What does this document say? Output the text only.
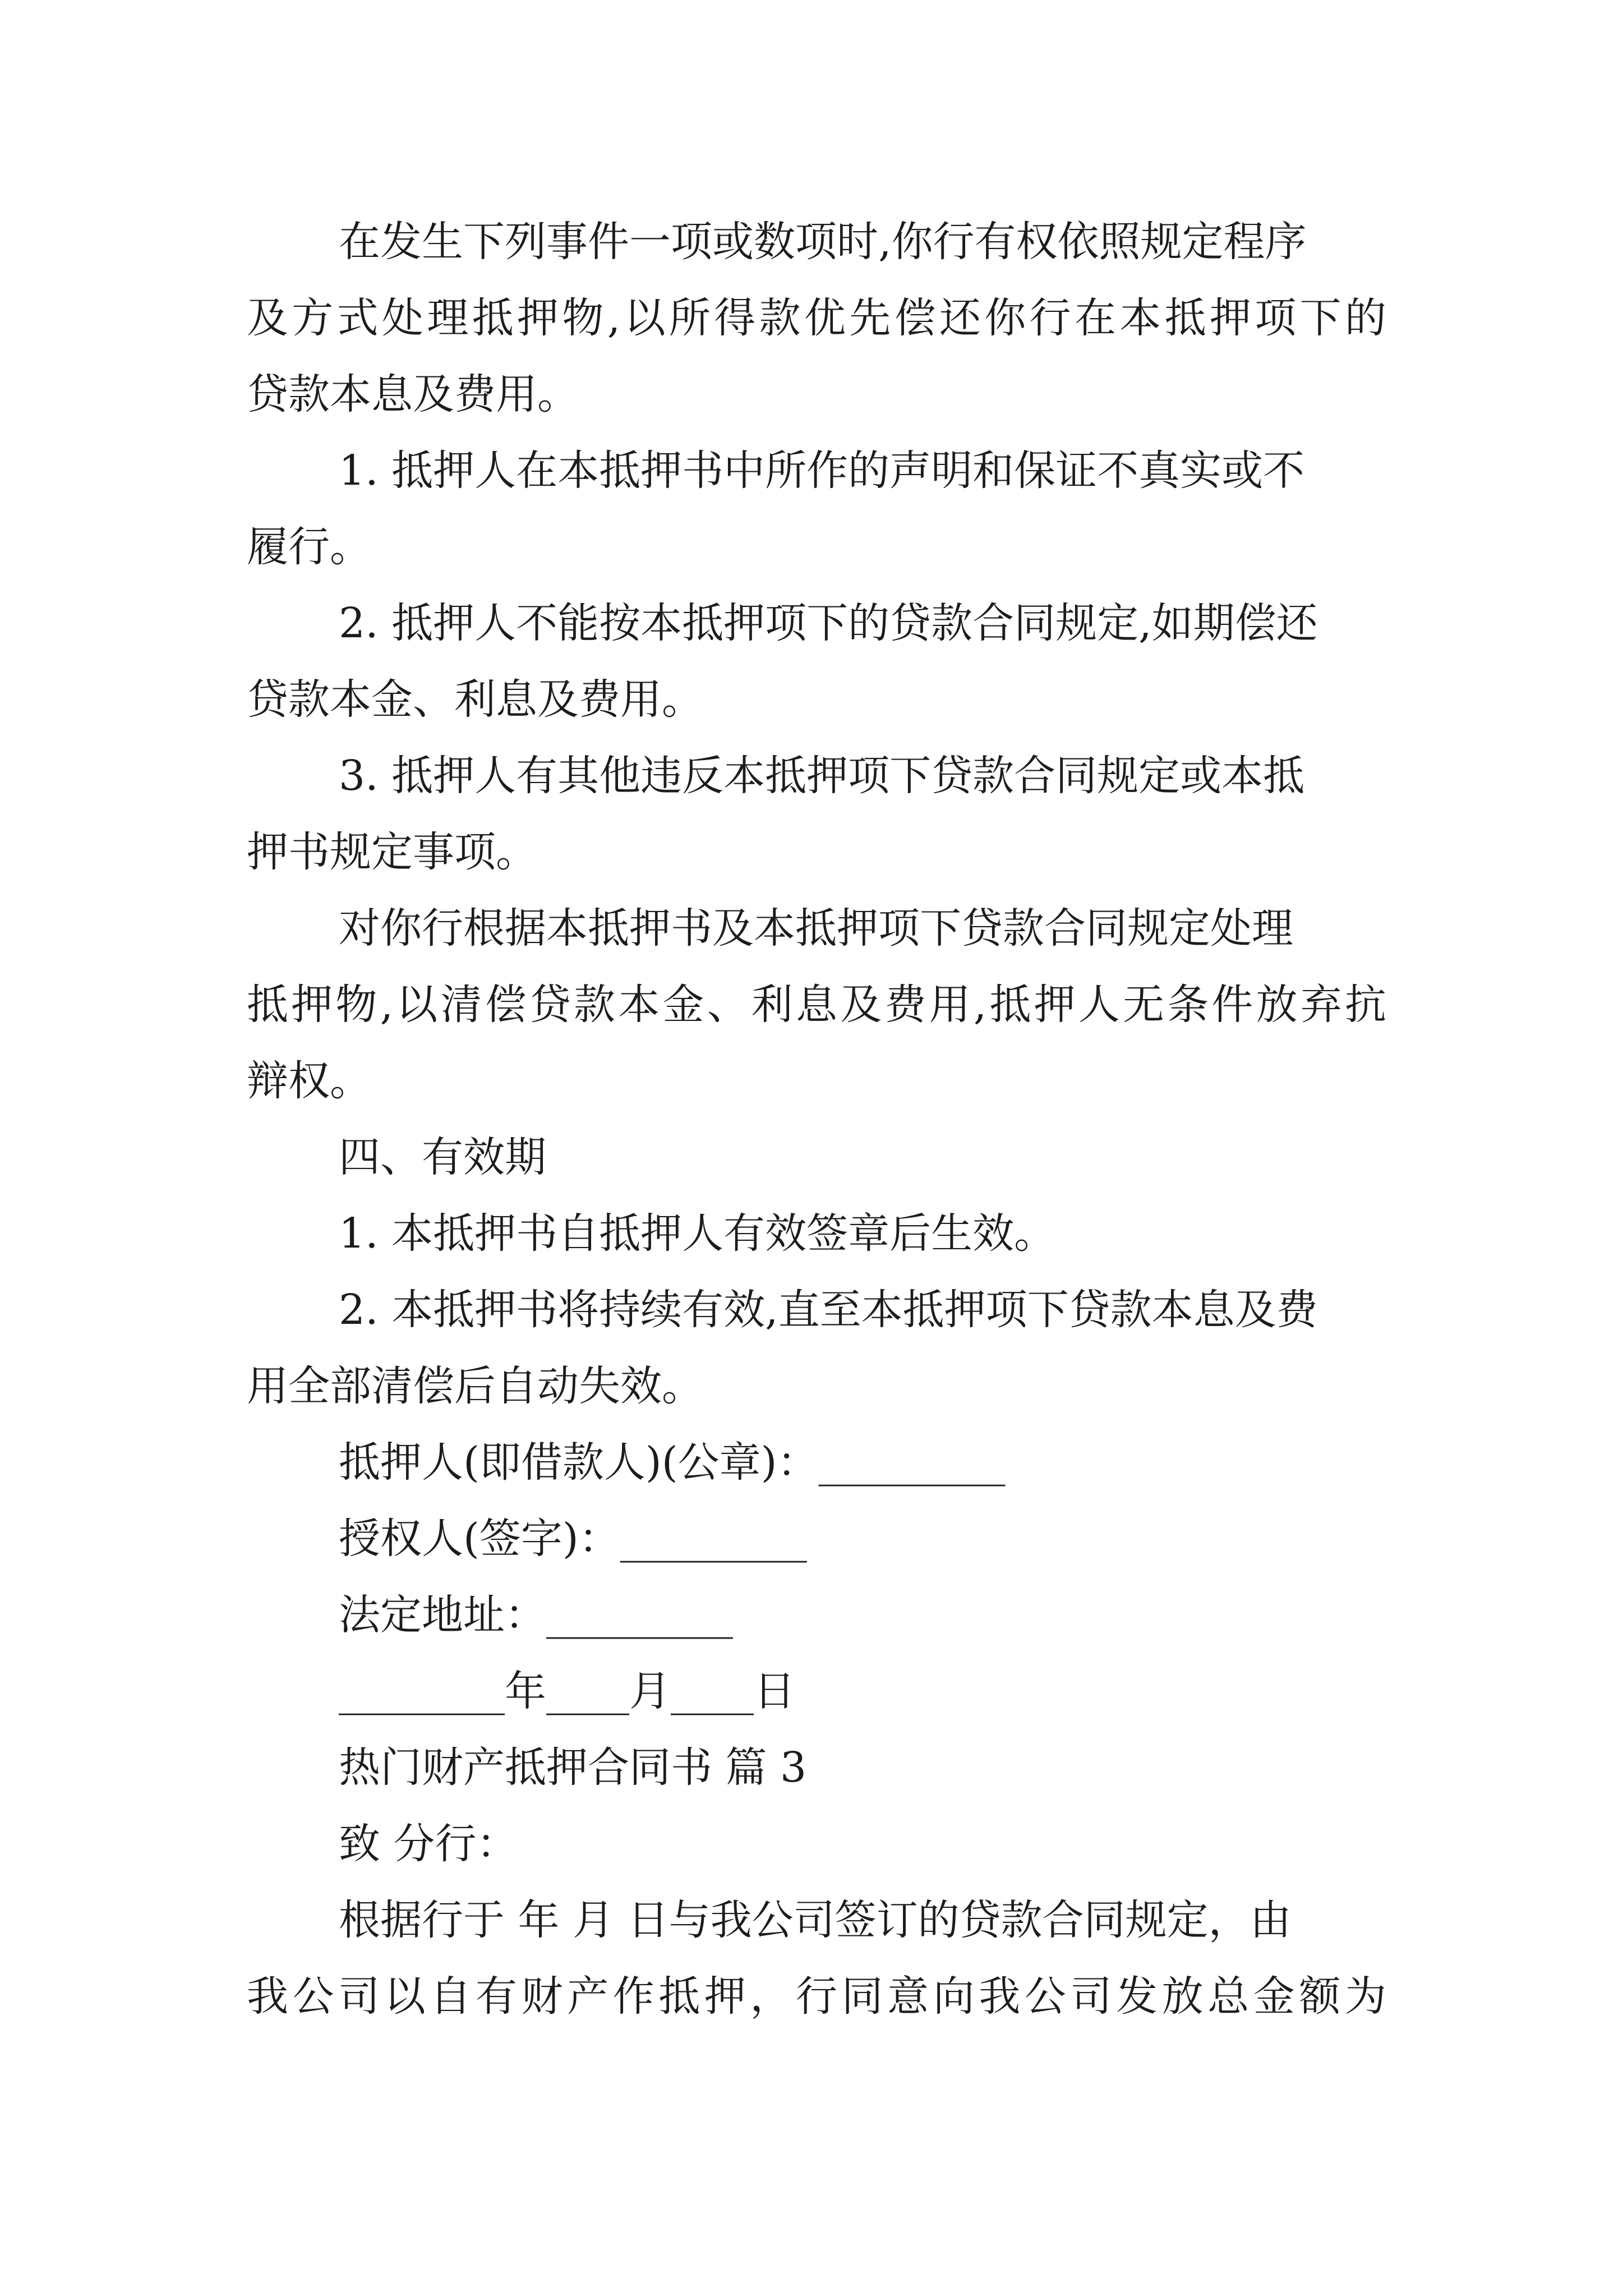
在发生下列事件一项或数项时,你行有权依照规定程序

及方式处理抵押物,以所得款优先偿还你行在本抵押项下的

贷款本息及费用。

1. 抵押人在本抵押书中所作的声明和保证不真实或不

履行。

2. 抵押人不能按本抵押项下的贷款合同规定,如期偿还

贷款本金、利息及费用。

3. 抵押人有其他违反本抵押项下贷款合同规定或本抵

押书规定事项。

对你行根据本抵押书及本抵押项下贷款合同规定处理

抵押物,以清偿贷款本金、利息及费用,抵押人无条件放弃抗

辩权。

四、有效期

1. 本抵押书自抵押人有效签章后生效。

2. 本抵押书将持续有效,直至本抵押项下贷款本息及费

用全部清偿后自动失效。

抵押人(即借款人)(公章)：_________

授权人(签字)：_________

法定地址：_________

________年____月____日

热门财产抵押合同书 篇 3

致 分行：

根据行于 年 月 日与我公司签订的贷款合同规定，由

我公司以自有财产作抵押，行同意向我公司发放总金额为
